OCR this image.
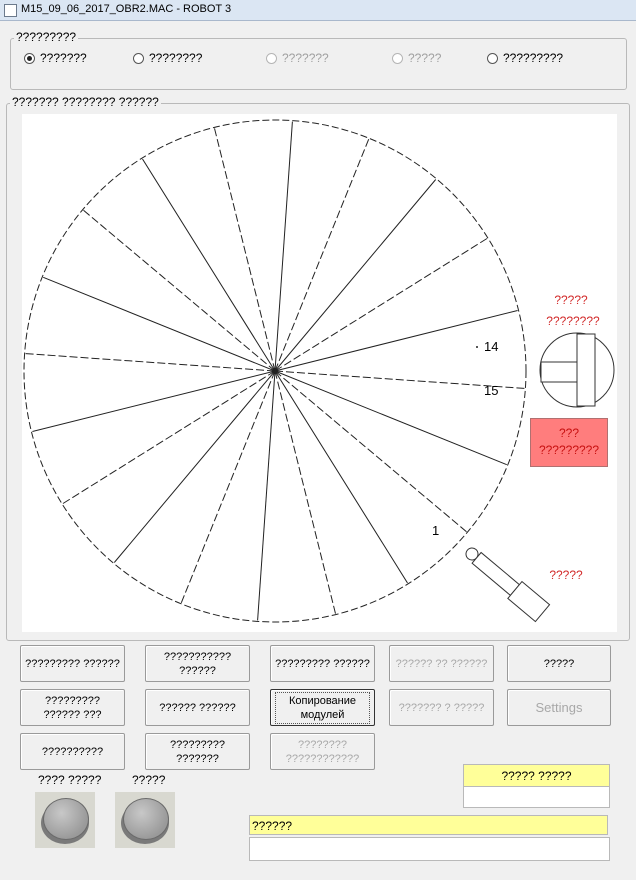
M15_09_06_2017_OBR2.MAC - ROBOT 3
?????????
???????	????????	???????	?????	?????????
??????? ???????? ??????
14
15
1
?????
????????
?????
???
?????????
????????? ??????
??????????? ??????
????????? ?????? ?????? ?? ??????	?????
????????? ?????? ???
?????? ??????
Копирование модулей
??????? ? ?????	Settings
??????????
????????? ???????
???????? ????????????
???? ?????	?????	????? ?????
??????
